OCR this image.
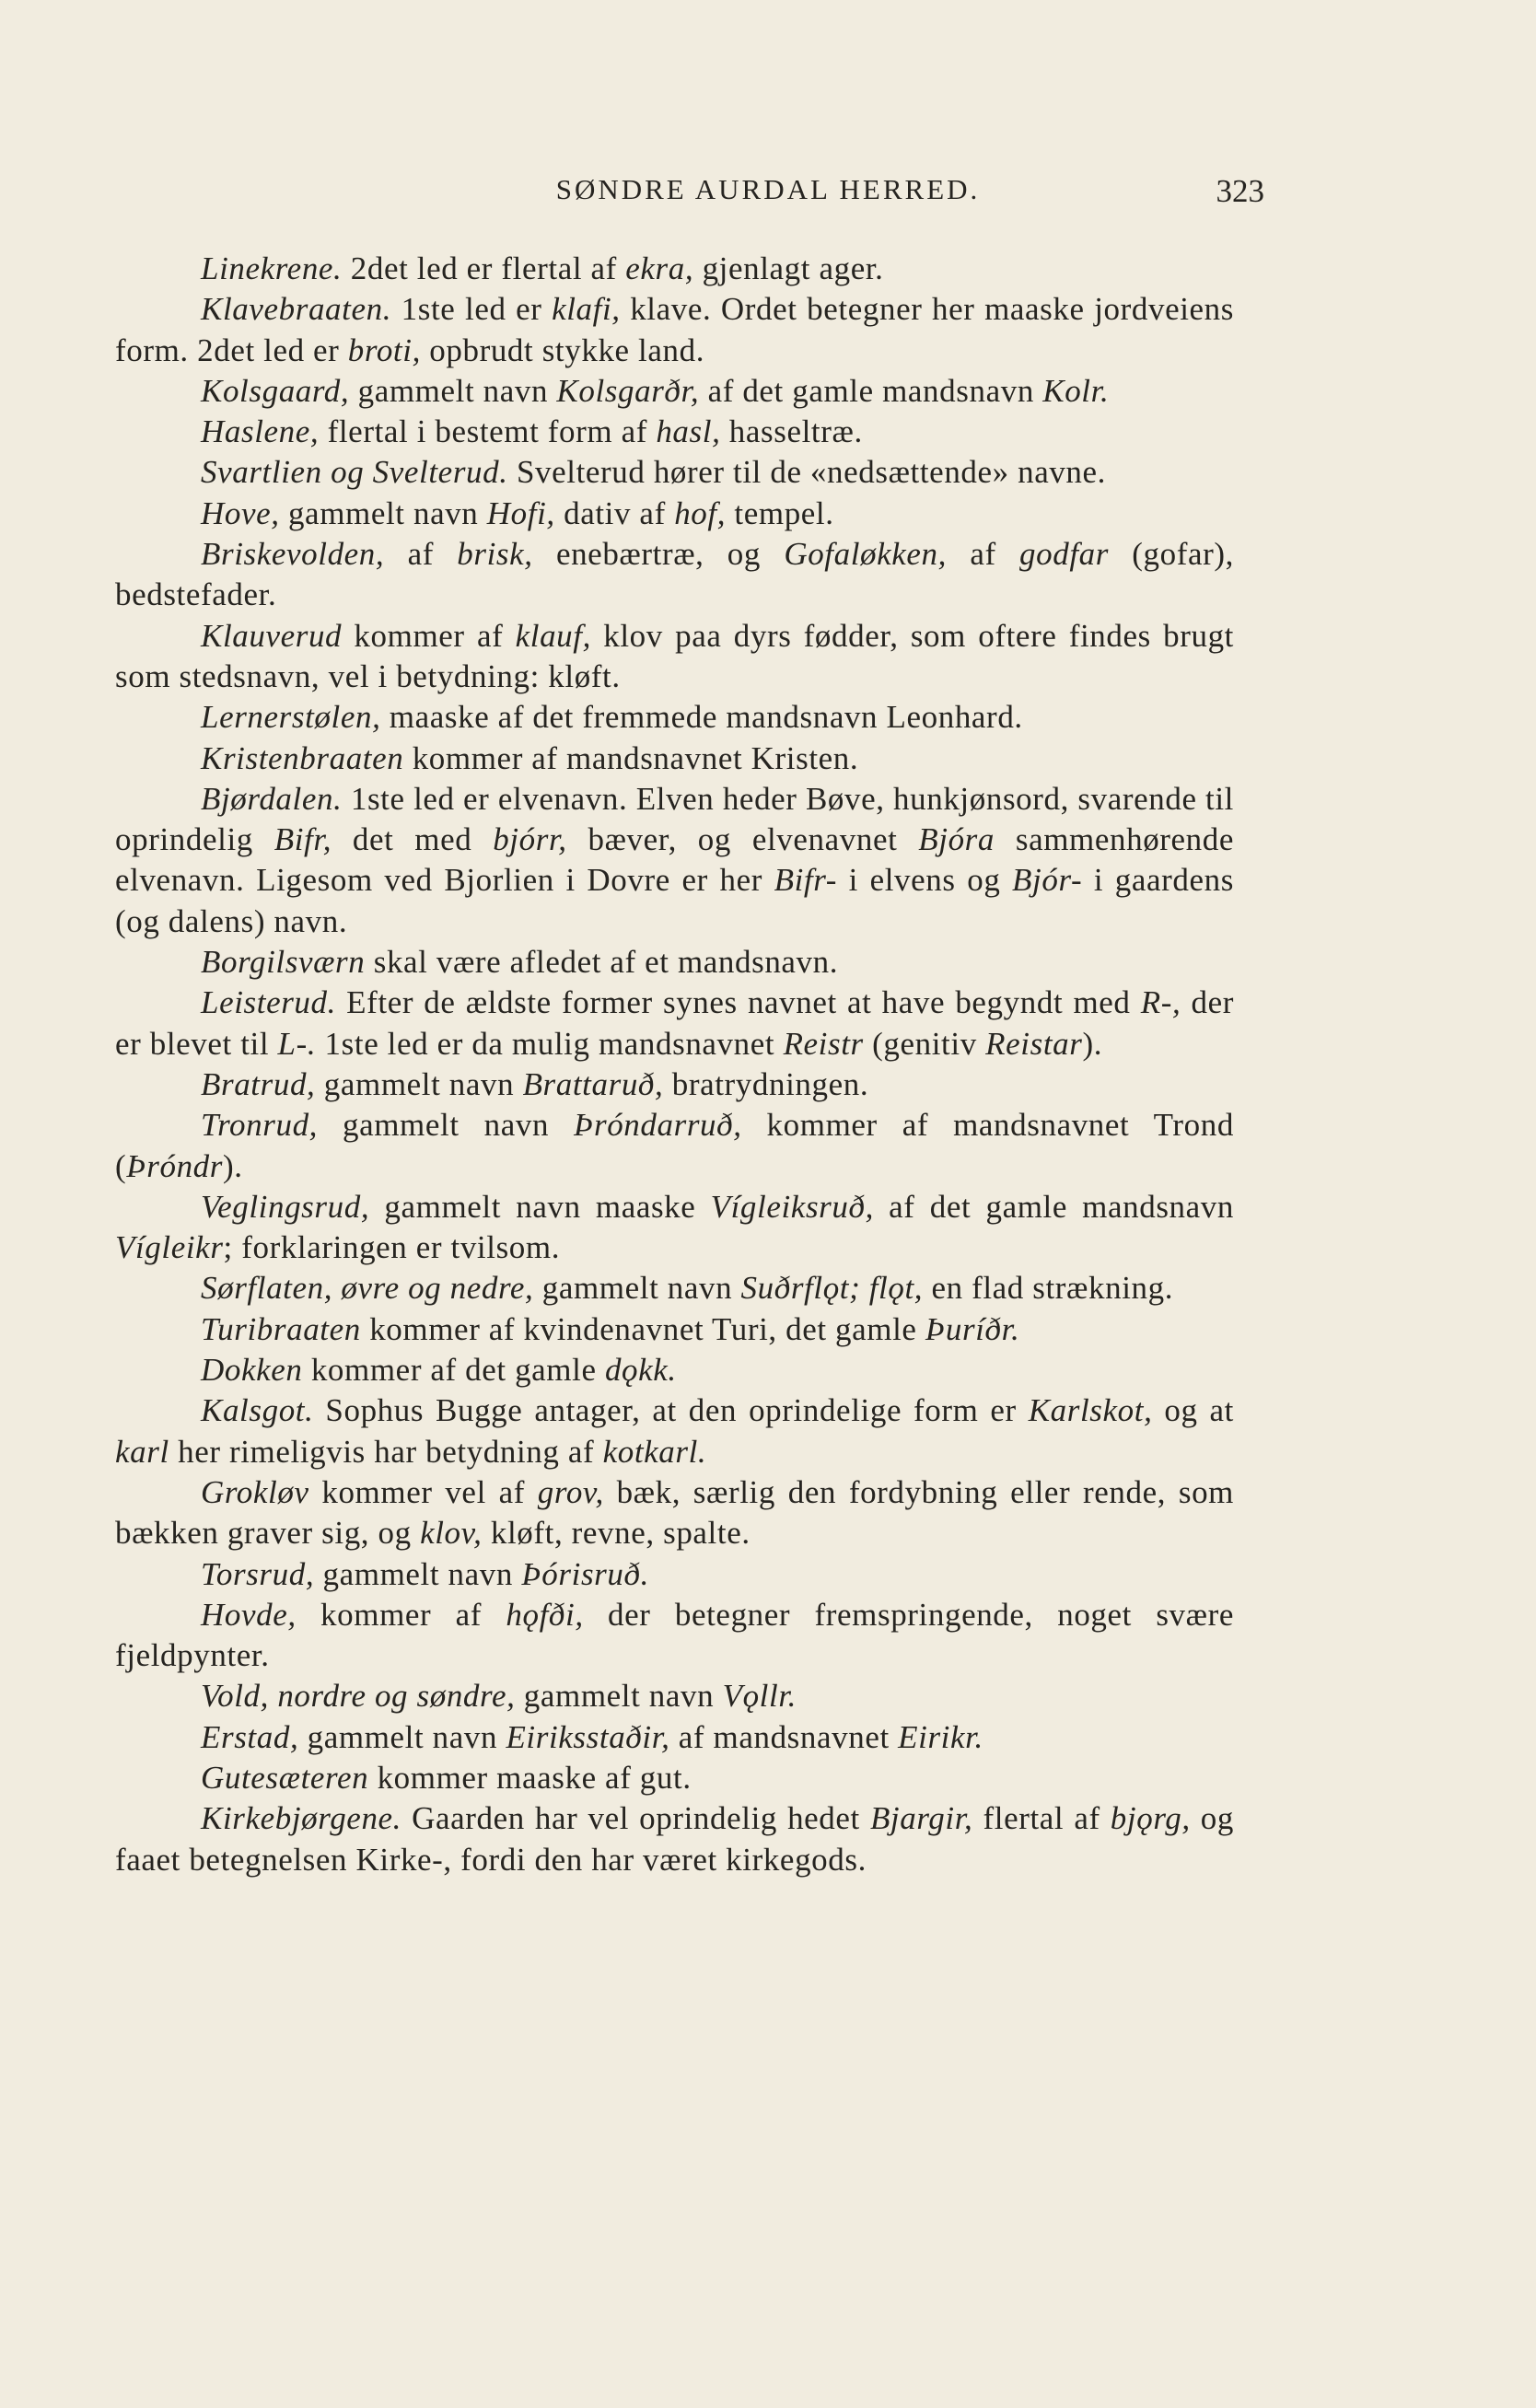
SØNDRE AURDAL HERRED.	323

Linekrene. 2det led er flertal af ekra, gjenlagt ager.

Klavebraaten. 1ste led er klafi, klave. Ordet betegner her maaske jordveiens form. 2det led er broti, opbrudt stykke land.

Kolsgaard, gammelt navn Kolsgarðr, af det gamle mandsnavn Kolr.

Haslene, flertal i bestemt form af hasl, hasseltræ.

Svartlien og Svelterud. Svelterud hører til de «nedsættende» navne.

Hove, gammelt navn Hofi, dativ af hof, tempel.

Briskevolden, af brisk, enebærtræ, og Gofaløkken, af godfar (gofar), bedstefader.

Klauverud kommer af klauf, klov paa dyrs fødder, som oftere findes brugt som stedsnavn, vel i betydning: kløft.

Lernerstølen, maaske af det fremmede mandsnavn Leonhard.

Kristenbraaten kommer af mandsnavnet Kristen.

Bjørdalen. 1ste led er elvenavn. Elven heder Bøve, hunkjønsord, svarende til oprindelig Bifr, det med bjórr, bæver, og elvenavnet Bjóra sammenhørende elvenavn. Ligesom ved Bjorlien i Dovre er her Bifr- i elvens og Bjór- i gaardens (og dalens) navn.

Borgilsværn skal være afledet af et mandsnavn.

Leisterud. Efter de ældste former synes navnet at have begyndt med R-, der er blevet til L-. 1ste led er da mulig mandsnavnet Reistr (genitiv Reistar).

Bratrud, gammelt navn Brattaruð, bratrydningen.

Tronrud, gammelt navn Þróndarruð, kommer af mandsnavnet Trond (Þróndr).

Veglingsrud, gammelt navn maaske Vígleiksruð, af det gamle mandsnavn Vígleikr; forklaringen er tvilsom.

Sørflaten, øvre og nedre, gammelt navn Suðrflǫt; flǫt, en flad strækning.

Turibraaten kommer af kvindenavnet Turi, det gamle Þuríðr.

Dokken kommer af det gamle dǫkk.

Kalsgot. Sophus Bugge antager, at den oprindelige form er Karlskot, og at karl her rimeligvis har betydning af kotkarl.

Grokløv kommer vel af grov, bæk, særlig den fordybning eller rende, som bækken graver sig, og klov, kløft, revne, spalte.

Torsrud, gammelt navn Þórisruð.

Hovde, kommer af hǫfði, der betegner fremspringende, noget svære fjeldpynter.

Vold, nordre og søndre, gammelt navn Vǫllr.

Erstad, gammelt navn Eiriksstaðir, af mandsnavnet Eirikr.

Gutesæteren kommer maaske af gut.

Kirkebjørgene. Gaarden har vel oprindelig hedet Bjargir, flertal af bjǫrg, og faaet betegnelsen Kirke-, fordi den har været kirkegods.
